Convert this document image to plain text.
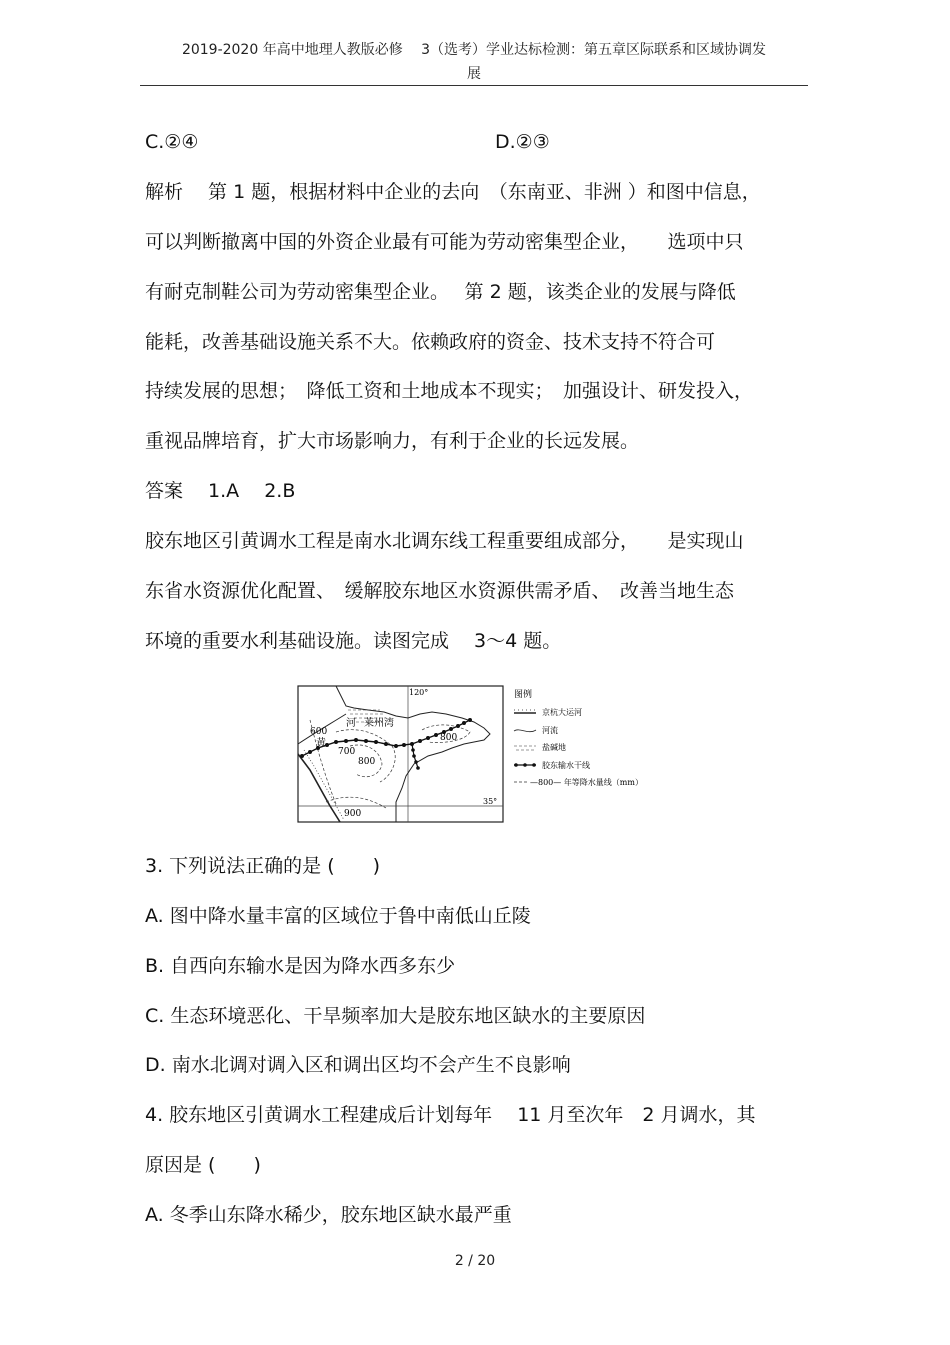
2019-2020 年高中地理人教版必修　 3（选考）学业达标检测：第五章区际联系和区域协调发
展
C.②④	D.②③
解析　 第 1 题，根据材料中企业的去向　（东南亚、非洲 ）和图中信息，
可以判断撤离中国的外资企业最有可能为劳动密集型企业，　　选项中只
有耐克制鞋公司为劳动密集型企业。　 第 2 题，该类企业的发展与降低
能耗，改善基础设施关系不大。依赖政府的资金、技术支持不符合可
持续发展的思想；　降低工资和土地成本不现实；　加强设计、研发投入，
重视品牌培育，扩大市场影响力，有利于企业的长远发展。
答案　 1.A　 2.B
胶东地区引黄调水工程是南水北调东线工程重要组成部分，　　是实现山
东省水资源优化配置、　缓解胶东地区水资源供需矛盾、　改善当地生态
环境的重要水利基础设施。读图完成　 3～4 题。
120°
35°
河 莱州湾
黄
600
700
800
800
900
图例
京杭大运河
河流
盐碱地
胶东输水干线
—800— 年等降水量线（mm）
3. 下列说法正确的是 (　　)
A. 图中降水量丰富的区域位于鲁中南低山丘陵
B. 自西向东输水是因为降水西多东少
C. 生态环境恶化、干旱频率加大是胶东地区缺水的主要原因
D. 南水北调对调入区和调出区均不会产生不良影响
4. 胶东地区引黄调水工程建成后计划每年　 11 月至次年　2 月调水，其
原因是 (　　)
A. 冬季山东降水稀少，胶东地区缺水最严重
2 / 20
